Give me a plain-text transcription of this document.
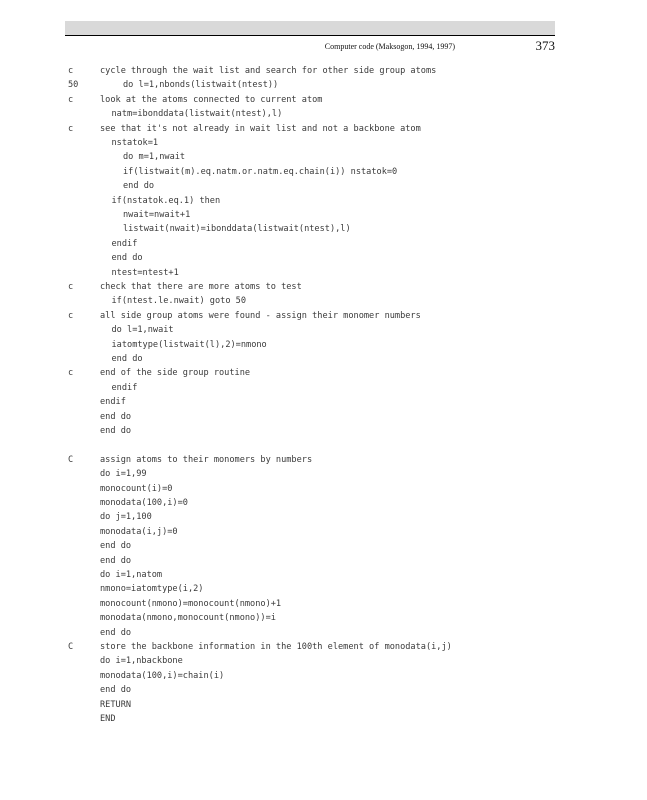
Computer code (Maksogon, 1994, 1997)	373
c	cycle through the wait list and search for other side group atoms
50	do l=1,nbonds(listwait(ntest))
c	look at the atoms connected to current atom
natm=ibonddata(listwait(ntest),l)
c	see that it's not already in wait list and not a backbone atom
nstatok=1
do m=1,nwait
if(listwait(m).eq.natm.or.natm.eq.chain(i)) nstatok=0
end do
if(nstatok.eq.1) then
nwait=nwait+1
listwait(nwait)=ibonddata(listwait(ntest),l)
endif
end do
ntest=ntest+1
c	check that there are more atoms to test
if(ntest.le.nwait) goto 50
c	all side group atoms were found - assign their monomer numbers
do l=1,nwait
iatomtype(listwait(l),2)=nmono
end do
c	end of the side group routine
endif
endif
end do
end do
C	assign atoms to their monomers by numbers
do i=1,99
monocount(i)=0
monodata(100,i)=0
do j=1,100
monodata(i,j)=0
end do
end do
do i=1,natom
nmono=iatomtype(i,2)
monocount(nmono)=monocount(nmono)+1
monodata(nmono,monocount(nmono))=i
end do
C	store the backbone information in the 100th element of monodata(i,j)
do i=1,nbackbone
monodata(100,i)=chain(i)
end do
RETURN
END
